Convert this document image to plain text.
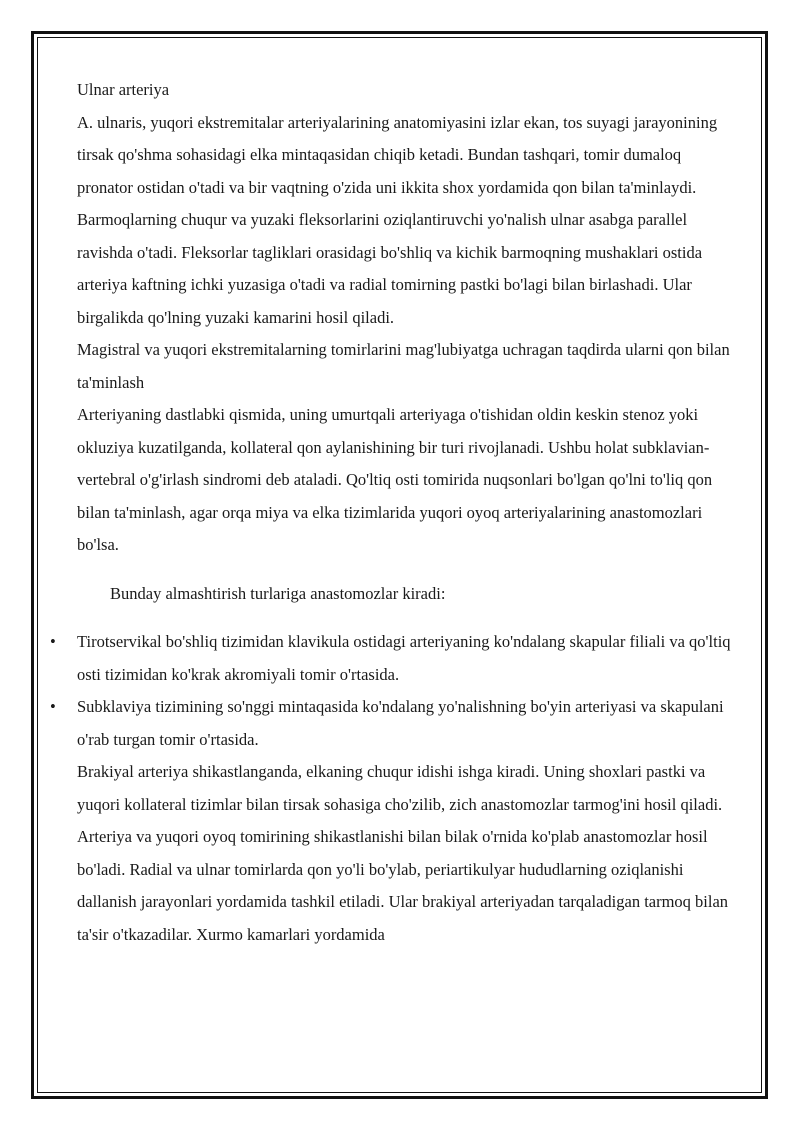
Ulnar arteriya

A. ulnaris, yuqori ekstremitalar arteriyalarining anatomiyasini izlar ekan, tos suyagi jarayonining tirsak qo'shma sohasidagi elka mintaqasidan chiqib ketadi. Bundan tashqari, tomir dumaloq pronator ostidan o'tadi va bir vaqtning o'zida uni ikkita shox yordamida qon bilan ta'minlaydi. Barmoqlarning chuqur va yuzaki fleksorlarini oziqlantiruvchi yo'nalish ulnar asabga parallel ravishda o'tadi. Fleksorlar tagliklari orasidagi bo'shliq va kichik barmoqning mushaklari ostida arteriya kaftning ichki yuzasiga o'tadi va radial tomirning pastki bo'lagi bilan birlashadi. Ular birgalikda qo'lning yuzaki kamarini hosil qiladi.

Magistral va yuqori ekstremitalarning tomirlarini mag'lubiyatga uchragan taqdirda ularni qon bilan ta'minlash

Arteriyaning dastlabki qismida, uning umurtqali arteriyaga o'tishidan oldin keskin stenoz yoki okluziya kuzatilganda, kollateral qon aylanishining bir turi rivojlanadi. Ushbu holat subklavian-vertebral o'g'irlash sindromi deb ataladi. Qo'ltiq osti tomirida nuqsonlari bo'lgan qo'lni to'liq qon bilan ta'minlash, agar orqa miya va elka tizimlarida yuqori oyoq arteriyalarining anastomozlari bo'lsa.

Bunday almashtirish turlariga anastomozlar kiradi:

• Tirotservikal bo'shliq tizimidan klavikula ostidagi arteriyaning ko'ndalang skapular filiali va qo'ltiq osti tizimidan ko'krak akromiyali tomir o'rtasida.
• Subklaviya tizimining so'nggi mintaqasida ko'ndalang yo'nalishning bo'yin arteriyasi va skapulani o'rab turgan tomir o'rtasida.

Brakiyal arteriya shikastlanganda, elkaning chuqur idishi ishga kiradi. Uning shoxlari pastki va yuqori kollateral tizimlar bilan tirsak sohasiga cho'zilib, zich anastomozlar tarmog'ini hosil qiladi.

Arteriya va yuqori oyoq tomirining shikastlanishi bilan bilak o'rnida ko'plab anastomozlar hosil bo'ladi. Radial va ulnar tomirlarda qon yo'li bo'ylab, periartikulyar hududlarning oziqlanishi dallanish jarayonlari yordamida tashkil etiladi. Ular brakiyal arteriyadan tarqaladigan tarmoq bilan ta'sir o'tkazadilar. Xurmo kamarlari yordamida
